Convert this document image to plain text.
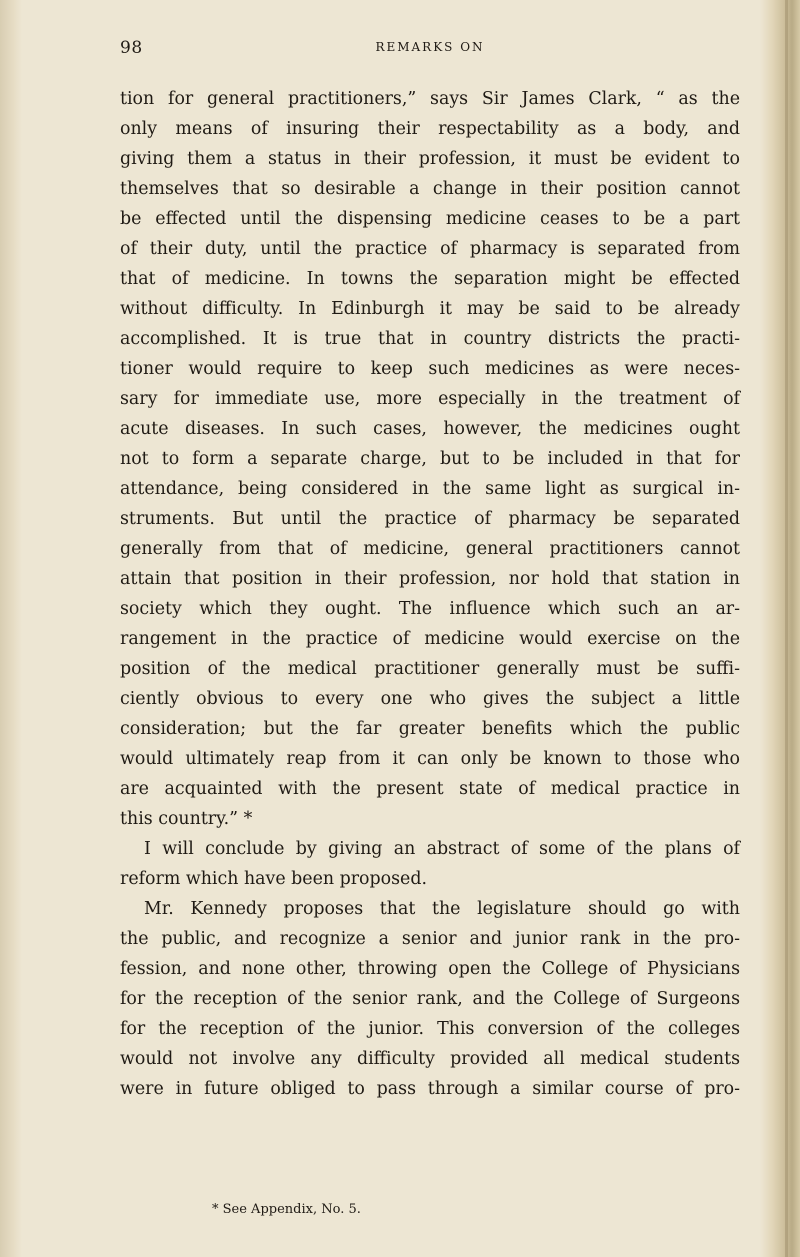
98	REMARKS ON
tion for general practitioners,” says Sir James Clark, “ as the
only means of insuring their respectability as a body, and
giving them a status in their profession, it must be evident to
themselves that so desirable a change in their position cannot
be effected until the dispensing medicine ceases to be a part
of their duty, until the practice of pharmacy is separated from
that of medicine. In towns the separation might be effected
without difficulty. In Edinburgh it may be said to be already
accomplished. It is true that in country districts the practi-
tioner would require to keep such medicines as were neces-
sary for immediate use, more especially in the treatment of
acute diseases. In such cases, however, the medicines ought
not to form a separate charge, but to be included in that for
attendance, being considered in the same light as surgical in-
struments. But until the practice of pharmacy be separated
generally from that of medicine, general practitioners cannot
attain that position in their profession, nor hold that station in
society which they ought. The influence which such an ar-
rangement in the practice of medicine would exercise on the
position of the medical practitioner generally must be suffi-
ciently obvious to every one who gives the subject a little
consideration; but the far greater benefits which the public
would ultimately reap from it can only be known to those who
are acquainted with the present state of medical practice in
this country.” *
I will conclude by giving an abstract of some of the plans of
reform which have been proposed.
Mr. Kennedy proposes that the legislature should go with
the public, and recognize a senior and junior rank in the pro-
fession, and none other, throwing open the College of Physicians
for the reception of the senior rank, and the College of Surgeons
for the reception of the junior. This conversion of the colleges
would not involve any difficulty provided all medical students
were in future obliged to pass through a similar course of pro-
* See Appendix, No. 5.
